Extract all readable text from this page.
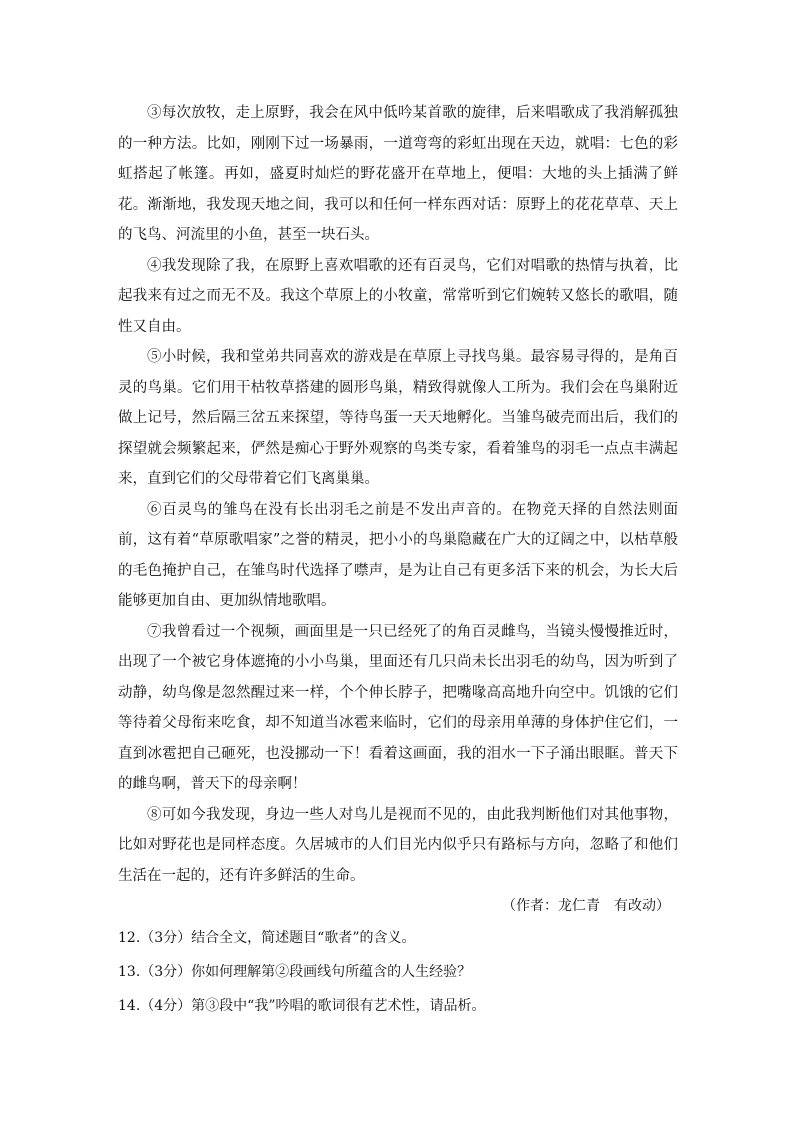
③每次放牧，走上原野，我会在风中低吟某首歌的旋律，后来唱歌成了我消解孤独的一种方法。比如，刚刚下过一场暴雨，一道弯弯的彩虹出现在天边，就唱：七色的彩虹搭起了帐篷。再如，盛夏时灿烂的野花盛开在草地上，便唱：大地的头上插满了鲜花。渐渐地，我发现天地之间，我可以和任何一样东西对话：原野上的花花草草、天上的飞鸟、河流里的小鱼，甚至一块石头。

④我发现除了我，在原野上喜欢唱歌的还有百灵鸟，它们对唱歌的热情与执着，比起我来有过之而无不及。我这个草原上的小牧童，常常听到它们婉转又悠长的歌唱，随性又自由。

⑤小时候，我和堂弟共同喜欢的游戏是在草原上寻找鸟巢。最容易寻得的，是角百灵的鸟巢。它们用干枯牧草搭建的圆形鸟巢，精致得就像人工所为。我们会在鸟巢附近做上记号，然后隔三岔五来探望，等待鸟蛋一天天地孵化。当雏鸟破壳而出后，我们的探望就会频繁起来，俨然是痴心于野外观察的鸟类专家，看着雏鸟的羽毛一点点丰满起来，直到它们的父母带着它们飞离巢巢。

⑥百灵鸟的雏鸟在没有长出羽毛之前是不发出声音的。在物竞天择的自然法则面前，这有着“草原歌唱家”之誉的精灵，把小小的鸟巢隐藏在广大的辽阔之中，以枯草般的毛色掩护自己，在雏鸟时代选择了噤声，是为让自己有更多活下来的机会，为长大后能够更加自由、更加纵情地歌唱。

⑦我曾看过一个视频，画面里是一只已经死了的角百灵雌鸟，当镜头慢慢推近时，出现了一个被它身体遮掩的小小鸟巢，里面还有几只尚未长出羽毛的幼鸟，因为听到了动静，幼鸟像是忽然醒过来一样，个个伸长脖子，把嘴喙高高地升向空中。饥饿的它们等待着父母衔来吃食，却不知道当冰雹来临时，它们的母亲用单薄的身体护住它们，一直到冰雹把自己砸死，也没挪动一下！看着这画面，我的泪水一下子涌出眼眶。普天下的雌鸟啊，普天下的母亲啊！

⑧可如今我发现，身边一些人对鸟儿是视而不见的，由此我判断他们对其他事物，比如对野花也是同样态度。久居城市的人们目光内似乎只有路标与方向，忽略了和他们生活在一起的，还有许多鲜活的生命。

（作者：龙仁青　有改动）

12.（3分）结合全文，简述题目“歌者”的含义。

13.（3分）你如何理解第②段画线句所蕴含的人生经验？

14.（4分）第③段中“我”吟唱的歌词很有艺术性，请品析。
